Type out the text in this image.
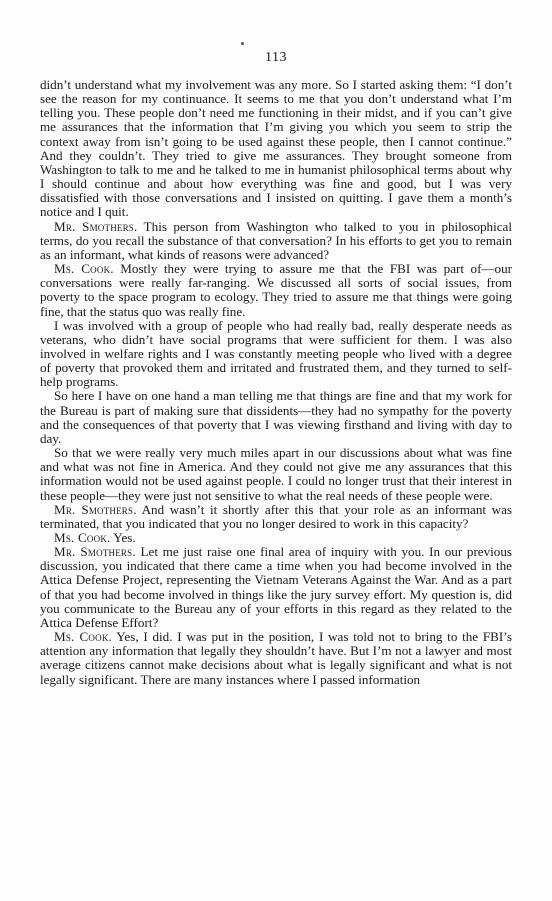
113

didn’t understand what my involvement was any more. So I started asking them: “I don’t see the reason for my continuance. It seems to me that you don’t understand what I’m telling you. These people don’t need me functioning in their midst, and if you can’t give me assurances that the information that I’m giving you which you seem to strip the context away from isn’t going to be used against these people, then I cannot continue.” And they couldn’t. They tried to give me assurances. They brought someone from Washington to talk to me and he talked to me in humanist philosophical terms about why I should continue and about how everything was fine and good, but I was very dissatisfied with those conversations and I insisted on quitting. I gave them a month’s notice and I quit.

Mr. Smothers. This person from Washington who talked to you in philosophical terms, do you recall the substance of that conversation? In his efforts to get you to remain as an informant, what kinds of reasons were advanced?

Ms. Cook. Mostly they were trying to assure me that the FBI was part of—our conversations were really far-ranging. We discussed all sorts of social issues, from poverty to the space program to ecology. They tried to assure me that things were going fine, that the status quo was really fine.

I was involved with a group of people who had really bad, really desperate needs as veterans, who didn’t have social programs that were sufficient for them. I was also involved in welfare rights and I was constantly meeting people who lived with a degree of poverty that provoked them and irritated and frustrated them, and they turned to self-help programs.

So here I have on one hand a man telling me that things are fine and that my work for the Bureau is part of making sure that dissidents—they had no sympathy for the poverty and the consequences of that poverty that I was viewing firsthand and living with day to day.

So that we were really very much miles apart in our discussions about what was fine and what was not fine in America. And they could not give me any assurances that this information would not be used against people. I could no longer trust that their interest in these people—they were just not sensitive to what the real needs of these people were.

Mr. Smothers. And wasn’t it shortly after this that your role as an informant was terminated, that you indicated that you no longer desired to work in this capacity?

Ms. Cook. Yes.

Mr. Smothers. Let me just raise one final area of inquiry with you. In our previous discussion, you indicated that there came a time when you had become involved in the Attica Defense Project, representing the Vietnam Veterans Against the War. And as a part of that you had become involved in things like the jury survey effort. My question is, did you communicate to the Bureau any of your efforts in this regard as they related to the Attica Defense Effort?

Ms. Cook. Yes, I did. I was put in the position, I was told not to bring to the FBI’s attention any information that legally they shouldn’t have. But I’m not a lawyer and most average citizens cannot make decisions about what is legally significant and what is not legally significant. There are many instances where I passed information
